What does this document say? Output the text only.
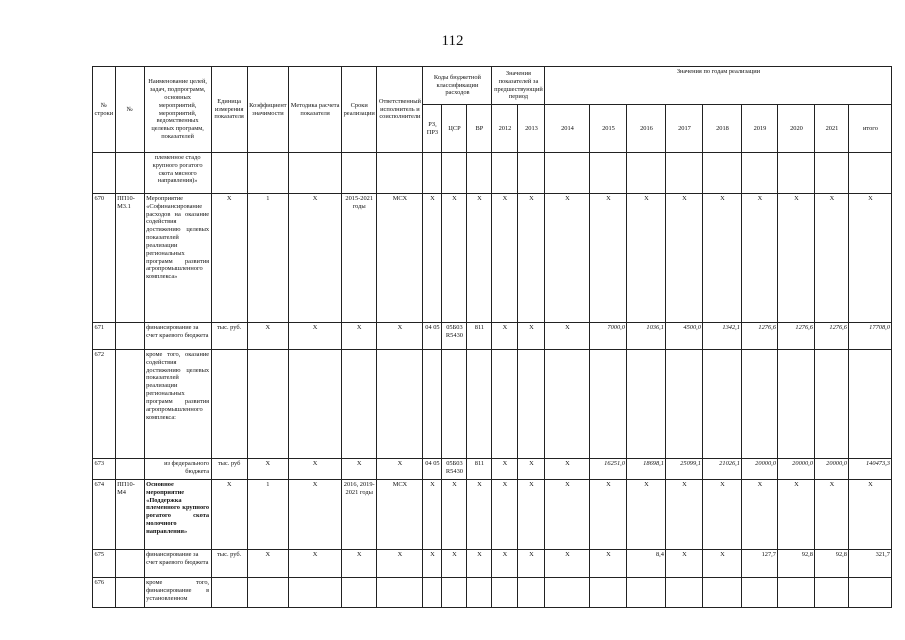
112
№ строки	№	Наименование целей, задач, подпрограмм, основных мероприятий, мероприятий, ведомственных целевых программ, показателей	Единица измерения показателя	Коэффициент значимости	Методика расчета показателя	Сроки реализации	Ответственный исполнитель и соисполнители	Коды бюджетной классификации расходов			Значения показателей за предшествующий период		Значения по годам реализации								
								РЗ, ПР3	ЦСР	ВР	2012	2013	2014	2015	2016	2017	2018	2019	2020	2021	итого
		племенное стадо крупного рогатого скота мясного направления)»																			
670	ПП10-М3.1	Мероприятие «Софинансирование расходов на оказание содействия достижению целевых показателей реализации региональных программ развития агропромышленного комплекса»	Х	1	Х	2015-2021 годы	МСХ	Х	Х	Х	Х	Х	Х	Х	Х	Х	Х	Х	Х	Х	Х
671		финансирование за счет краевого бюджета	тыс. руб.	Х	Х	Х	Х	04 05	05Б03 R5430	811	Х	Х	Х	7000,0	1036,1	4500,0	1342,1	1276,6	1276,6	1276,6	17708,0
672		кроме того, оказание содействия достижению целевых показателей реализации региональных программ развития агропромышленного комплекса:																			
673		из федерального бюджета	тыс. руб	Х	Х	Х	Х	04 05	05Б03 R5430	811	Х	Х	Х	16251,0	18698,1	25099,1	21026,1	20000,0	20000,0	20000,0	140473,3
674	ПП10-М4	Основное мероприятие «Поддержка племенного крупного рогатого скота молочного направления»	Х	1	Х	2016, 2019-2021 годы	МСХ	Х	Х	Х	Х	Х	Х	Х	Х	Х	Х	Х	Х	Х	Х
675		финансирование за счет краевого бюджета	тыс. руб.	Х	Х	Х	Х	Х	Х	Х	Х	Х	Х	Х	8,4	Х	Х	127,7	92,8	92,8	321,7
676		кроме того, финансирование в установленном																			
